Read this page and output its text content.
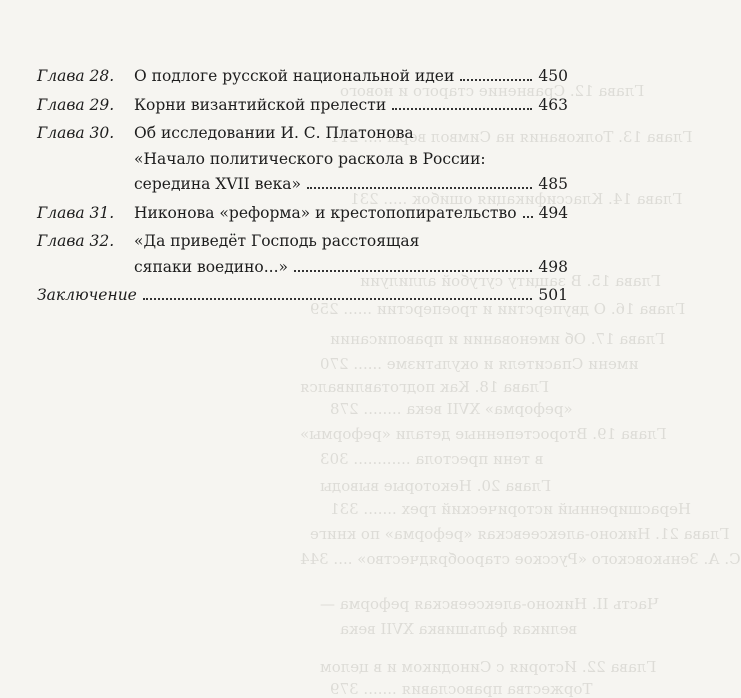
Глава 12. Сравнение старого и нового
Глава 13. Толкования на Символ веры .... 211
Глава 14. Классификация ошибок ..... 231
Глава 15. В защиту сугубой аллилуии
Глава 16. О двуперстии и троеперстии ...... 259
Глава 17. Об именовании и правописании
имени Спасителя и окультизме ...... 270
Глава 18. Как подготавливался
«реформа» XVII века ........ 278
Глава 19. Второстепенные детали «реформы»
в тени престола ............ 303
Глава 20. Некоторые выводы
Нерасширенный исторический грех ....... 331
Глава 21. Никоно-алексеевская «реформа» по книге
С. А. Зеньковского «Русское старообрядчество» .... 344
Часть II. Никоно-алексеевская реформа —
великая фальшивка XVII века
Глава 22. История с Синодиком и в целом
Торжества православия ....... 379
Глава 28.	О подлоге русской национальной идеи	450
Глава 29.	Корни византийской прелести	463
Глава 30.	Об исследовании И. С. Платонова
«Начало политического раскола в России:
середина XVII века»	485
Глава 31.	Никонова «реформа» и крестопопирательство 494
Глава 32.	«Да приведёт Господь расстоящая
сяпаки воедино...»	498
Заключение	501
